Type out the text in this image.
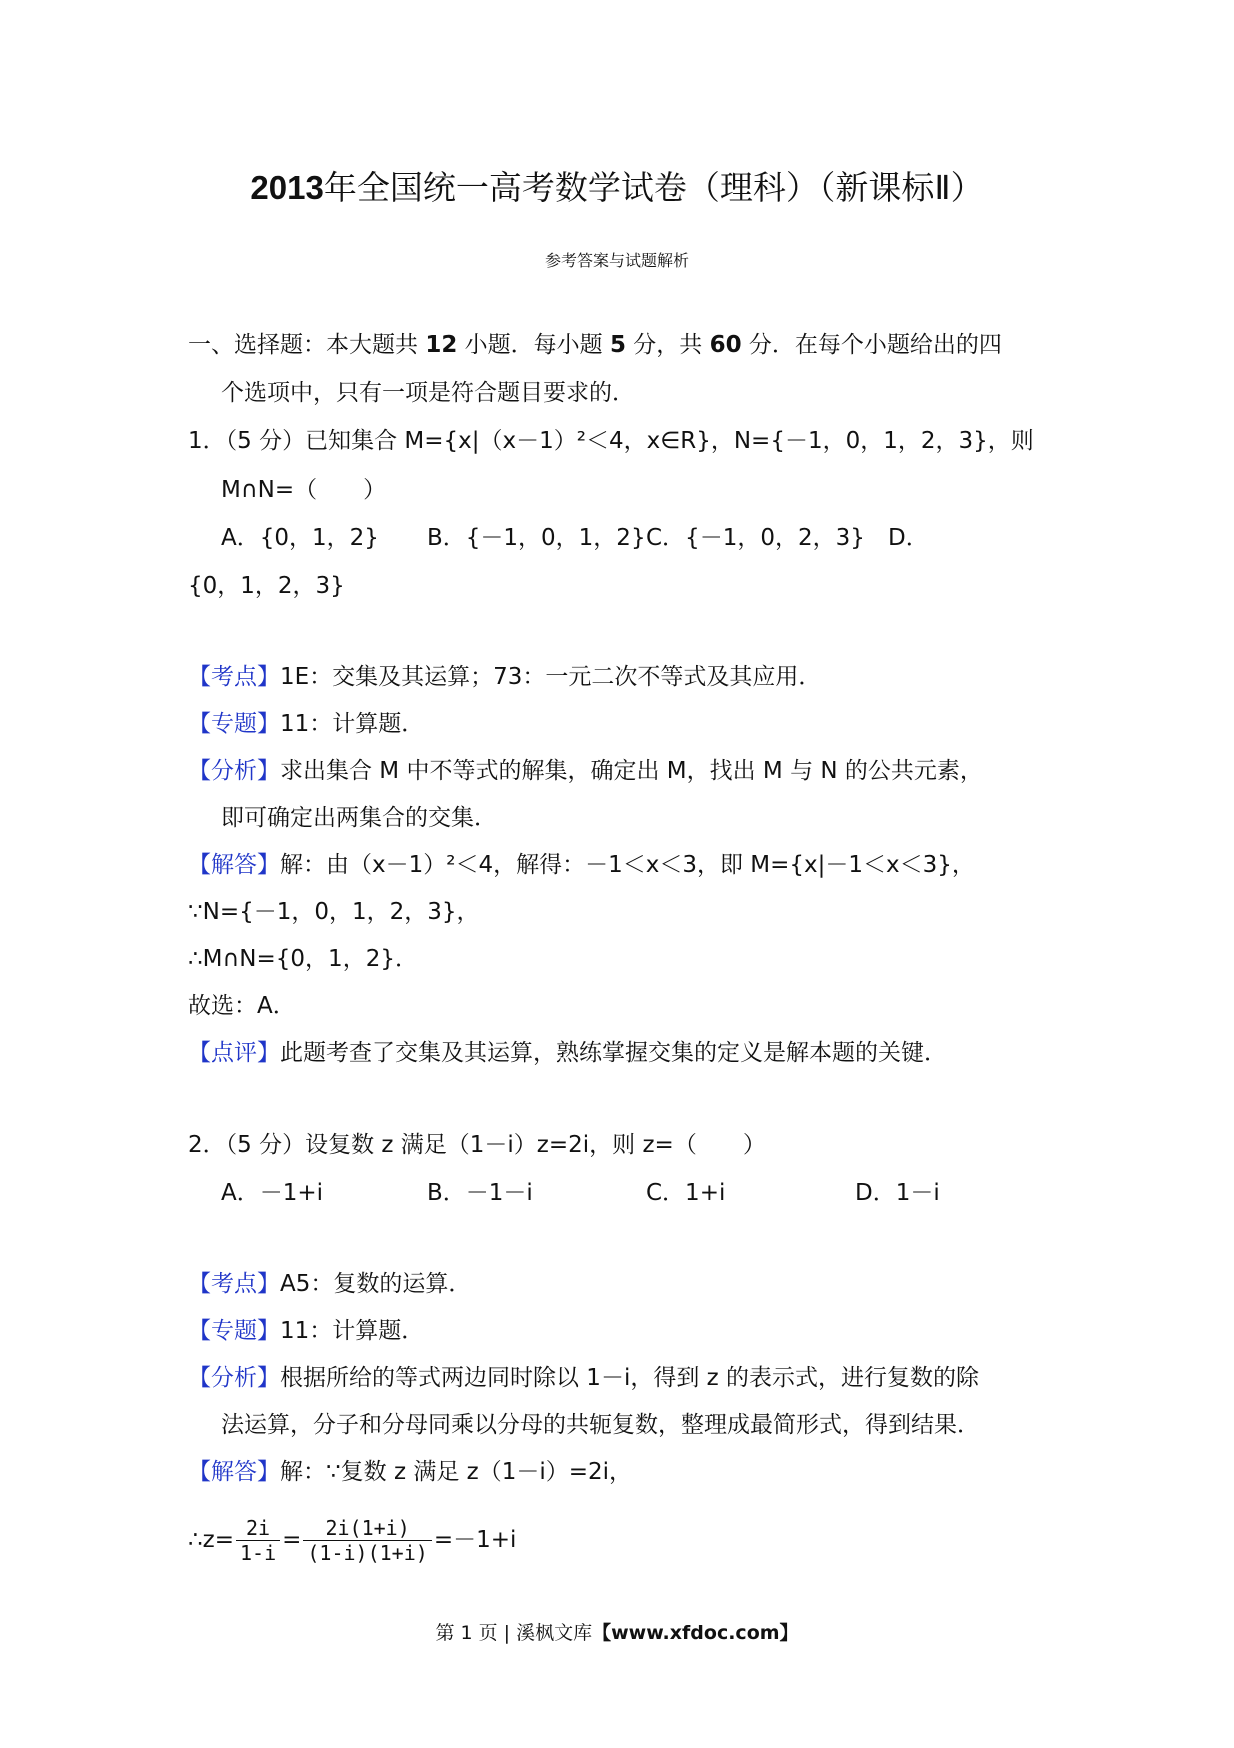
2013年全国统一高考数学试卷（理科）（新课标Ⅱ）
参考答案与试题解析
一、选择题：本大题共 12 小题．每小题 5 分，共 60 分．在每个小题给出的四
个选项中，只有一项是符合题目要求的．
1．（5 分）已知集合 M={x|（x－1）²＜4，x∈R}，N={－1，0，1，2，3}，则
M∩N=（　　）
A．{0，1，2} B．{－1，0，1，2} C．{－1，0，2，3} D．
{0，1，2，3}
【考点】1E：交集及其运算；73：一元二次不等式及其应用．
【专题】11：计算题．
【分析】求出集合 M 中不等式的解集，确定出 M，找出 M 与 N 的公共元素，
即可确定出两集合的交集．
【解答】解：由（x－1）²＜4，解得：－1＜x＜3，即 M={x|－1＜x＜3}，
∵N={－1，0，1，2，3}，
∴M∩N={0，1，2}．
故选：A．
【点评】此题考查了交集及其运算，熟练掌握交集的定义是解本题的关键．
2．（5 分）设复数 z 满足（1－i）z=2i，则 z=（　　）
A．－1+i	B．－1－i	C．1+i	D．1－i
【考点】A5：复数的运算．
【专题】11：计算题．
【分析】根据所给的等式两边同时除以 1－i，得到 z 的表示式，进行复数的除
法运算，分子和分母同乘以分母的共轭复数，整理成最简形式，得到结果．
【解答】解：∵复数 z 满足 z（1－i）=2i，
∴z= $\frac{2i}{1-i} = \frac{2i(1+i)}{(1-i)(1+i)} =-1+i$
第 1 页 | 溪枫文库【www.xfdoc.com】
